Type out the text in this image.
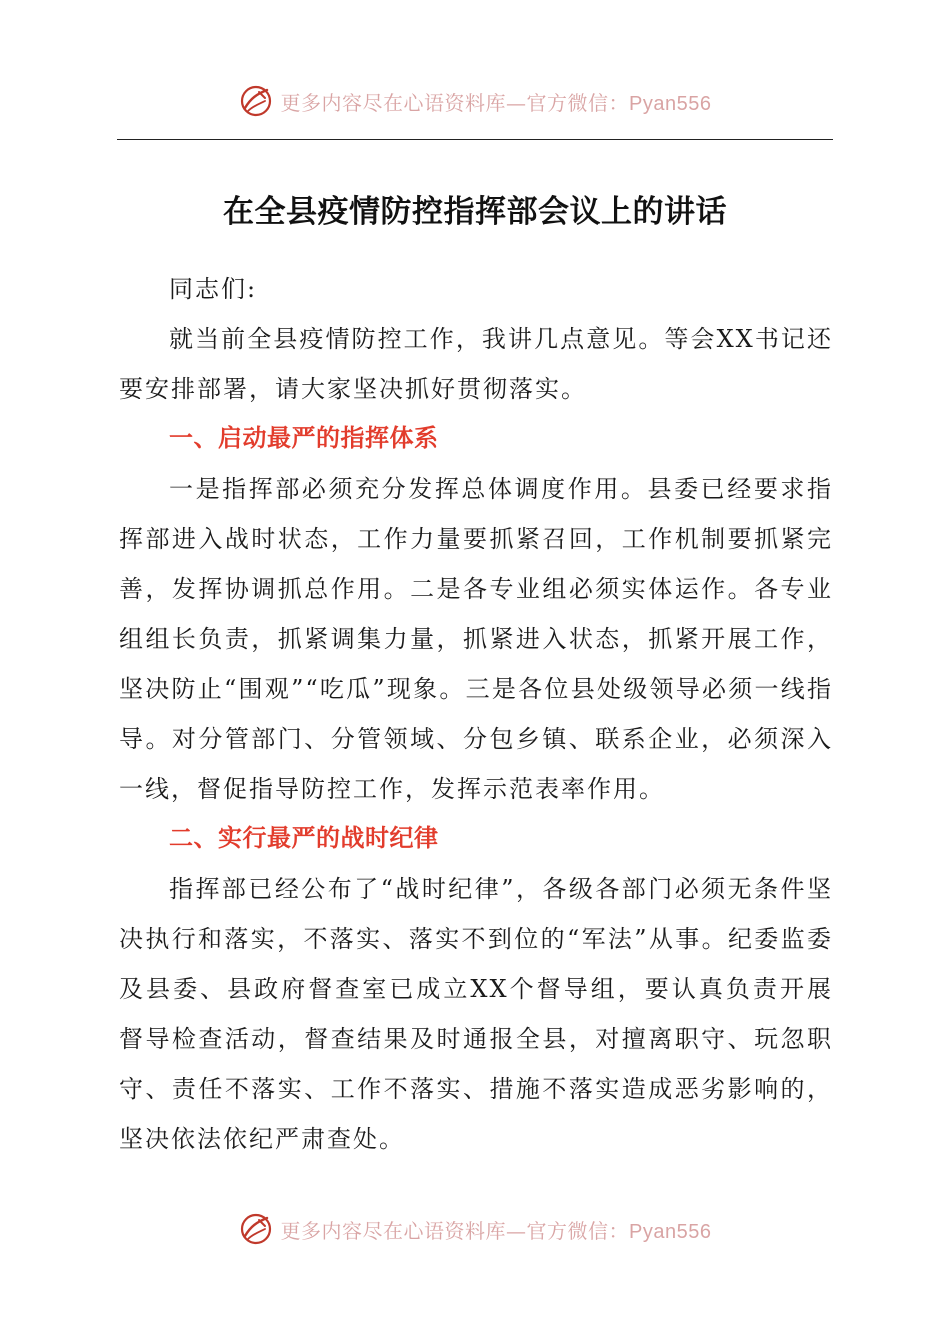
更多内容尽在心语资料库—官方微信：Pyan556
在全县疫情防控指挥部会议上的讲话

同志们:

就当前全县疫情防控工作，我讲几点意见。等会XX书记还要安排部署，请大家坚决抓好贯彻落实。

一、启动最严的指挥体系

一是指挥部必须充分发挥总体调度作用。县委已经要求指挥部进入战时状态，工作力量要抓紧召回，工作机制要抓紧完善，发挥协调抓总作用。二是各专业组必须实体运作。各专业组组长负责，抓紧调集力量，抓紧进入状态，抓紧开展工作，坚决防止“围观”“吃瓜”现象。三是各位县处级领导必须一线指导。对分管部门、分管领域、分包乡镇、联系企业，必须深入一线，督促指导防控工作，发挥示范表率作用。

二、实行最严的战时纪律

指挥部已经公布了“战时纪律”，各级各部门必须无条件坚决执行和落实，不落实、落实不到位的“军法”从事。纪委监委及县委、县政府督查室已成立XX个督导组，要认真负责开展督导检查活动，督查结果及时通报全县，对擅离职守、玩忽职守、责任不落实、工作不落实、措施不落实造成恶劣影响的，坚决依法依纪严肃查处。

更多内容尽在心语资料库—官方微信：Pyan556
